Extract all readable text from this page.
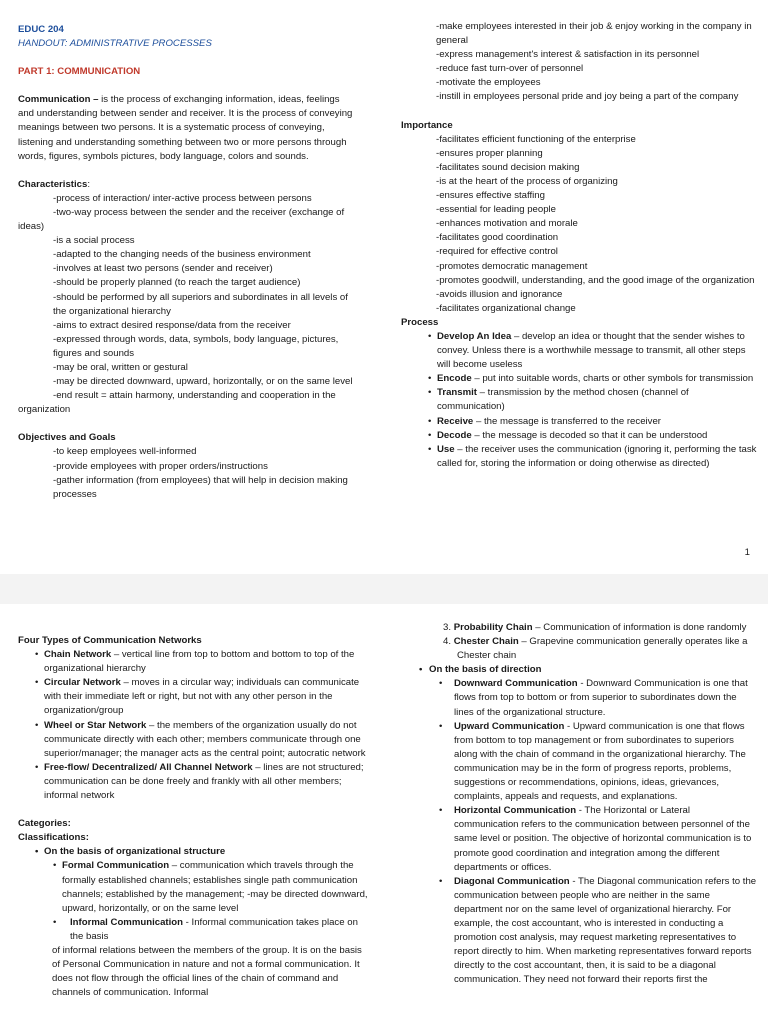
EDUC 204
HANDOUT: ADMINISTRATIVE PROCESSES
PART 1: COMMUNICATION

Communication – is the process of exchanging information, ideas, feelings and understanding between sender and receiver. It is the process of conveying meanings between two persons. It is a systematic process of conveying, listening and understanding something between two or more persons through words, figures, symbols pictures, body language, colors and sounds.

Characteristics:

-process of interaction/ inter-active process between persons

-two-way process between the sender and the receiver (exchange of ideas)

-is a social process

-adapted to the changing needs of the business environment

-involves at least two persons (sender and receiver)

-should be properly planned (to reach the target audience)

-should be performed by all superiors and subordinates in all levels of the organizational hierarchy

-aims to extract desired response/data from the receiver

-expressed through words, data, symbols, body language, pictures, figures and sounds

-may be oral, written or gestural

-may be directed downward, upward, horizontally, or on the same level

-end result = attain harmony, understanding and cooperation in the organization

Objectives and Goals

-to keep employees well-informed

-provide employees with proper orders/instructions

-gather information (from employees) that will help in decision making processes

-make employees interested in their job & enjoy working in the company in general

-express management's interest & satisfaction in its personnel

-reduce fast turn-over of personnel

-motivate the employees

-instill in employees personal pride and joy being a part of the company

Importance

-facilitates efficient functioning of the enterprise

-ensures proper planning

-facilitates sound decision making

-is at the heart of the process of organizing

-ensures effective staffing

-essential for leading people

-enhances motivation and morale

-facilitates good coordination

-required for effective control

-promotes democratic management

-promotes goodwill, understanding, and the good image of the organization

-avoids illusion and ignorance

-facilitates organizational change

Process

• Develop An Idea – develop an idea or thought that the sender wishes to convey. Unless there is a worthwhile message to transmit, all other steps will become useless

• Encode – put into suitable words, charts or other symbols for transmission

• Transmit – transmission by the method chosen (channel of communication)

• Receive – the message is transferred to the receiver

• Decode – the message is decoded so that it can be understood

• Use – the receiver uses the communication (ignoring it, performing the task called for, storing the information or doing otherwise as directed)

1

Four Types of Communication Networks

• Chain Network – vertical line from top to bottom and bottom to top of the organizational hierarchy

• Circular Network – moves in a circular way; individuals can communicate with their immediate left or right, but not with any other person in the organization/group

• Wheel or Star Network – the members of the organization usually do not communicate directly with each other; members communicate through one superior/manager; the manager acts as the central point; autocratic network

• Free-flow/ Decentralized/ All Channel Network – lines are not structured; communication can be done freely and frankly with all other members; informal network

Categories:

Classifications:

• On the basis of organizational structure

• Formal Communication – communication which travels through the formally established channels; establishes single path communication channels; established by the management; -may be directed downward, upward, horizontally, or on the same level

• Informal Communication - Informal communication takes place on the basis

of informal relations between the members of the group. It is on the basis of Personal Communication in nature and not a formal communication. It does not flow through the official lines of the chain of command and channels of communication. Informal

3. Probability Chain – Communication of information is done randomly

4. Chester Chain – Grapevine communication generally operates like a Chester chain

• On the basis of direction

• Downward Communication - Downward Communication is one that flows from top to bottom or from superior to subordinates down the lines of the organizational structure.

• Upward Communication - Upward communication is one that flows from bottom to top management or from subordinates to superiors along with the chain of command in the organizational hierarchy. The communication may be in the form of progress reports, problems, suggestions or recommendations, opinions, ideas, grievances, complaints, appeals and requests, and explanations.

• Horizontal Communication - The Horizontal or Lateral communication refers to the communication between personnel of the same level or position. The objective of horizontal communication is to promote good coordination and integration among the different departments or offices.

• Diagonal Communication - The Diagonal communication refers to the communication between people who are neither in the same department nor on the same level of organizational hierarchy. For example, the cost accountant, who is interested in conducting a promotion cost analysis, may request marketing representatives to report directly to him. When marketing representatives forward reports directly to the cost accountant, then, it is said to be a diagonal communication. They need not forward their reports first the
